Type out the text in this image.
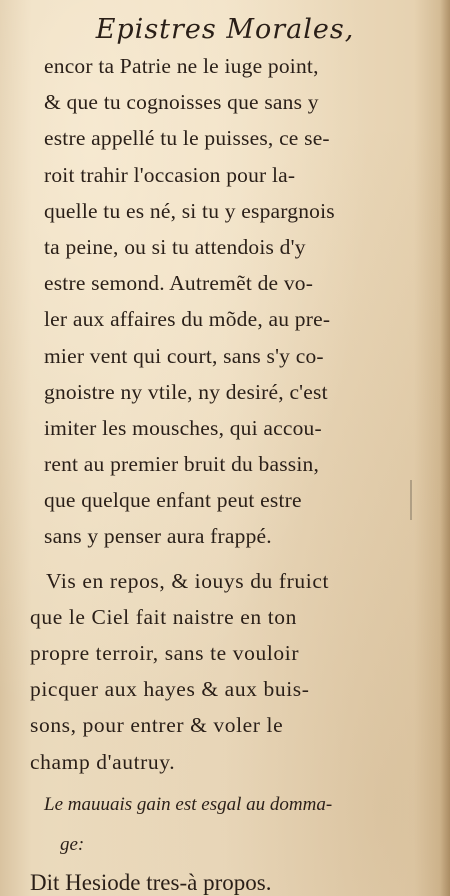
Epistres Morales,
encor ta Patrie ne le iuge point,
& que tu cognoisses que sans y
estre appellé tu le puisses, ce se-
roit trahir l'occasion pour la-
quelle tu es né, si tu y espargnois
ta peine, ou si tu attendois d'y
estre semond. Autremẽt de vo-
ler aux affaires du mõde, au pre-
mier vent qui court, sans s'y co-
gnoistre ny vtile, ny desiré, c'est
imiter les mousches, qui accou-
rent au premier bruit du bassin,
que quelque enfant peut estre
sans y penser aura frappé.
Vis en repos, & iouys du fruict
que le Ciel fait naistre en ton
propre terroir, sans te vouloir
picquer aux hayes & aux buis-
sons, pour entrer & voler le
champ d'autruy.
Le mauuais gain est esgal au domma-
ge:
Dit Hesiode tres-à propos.
